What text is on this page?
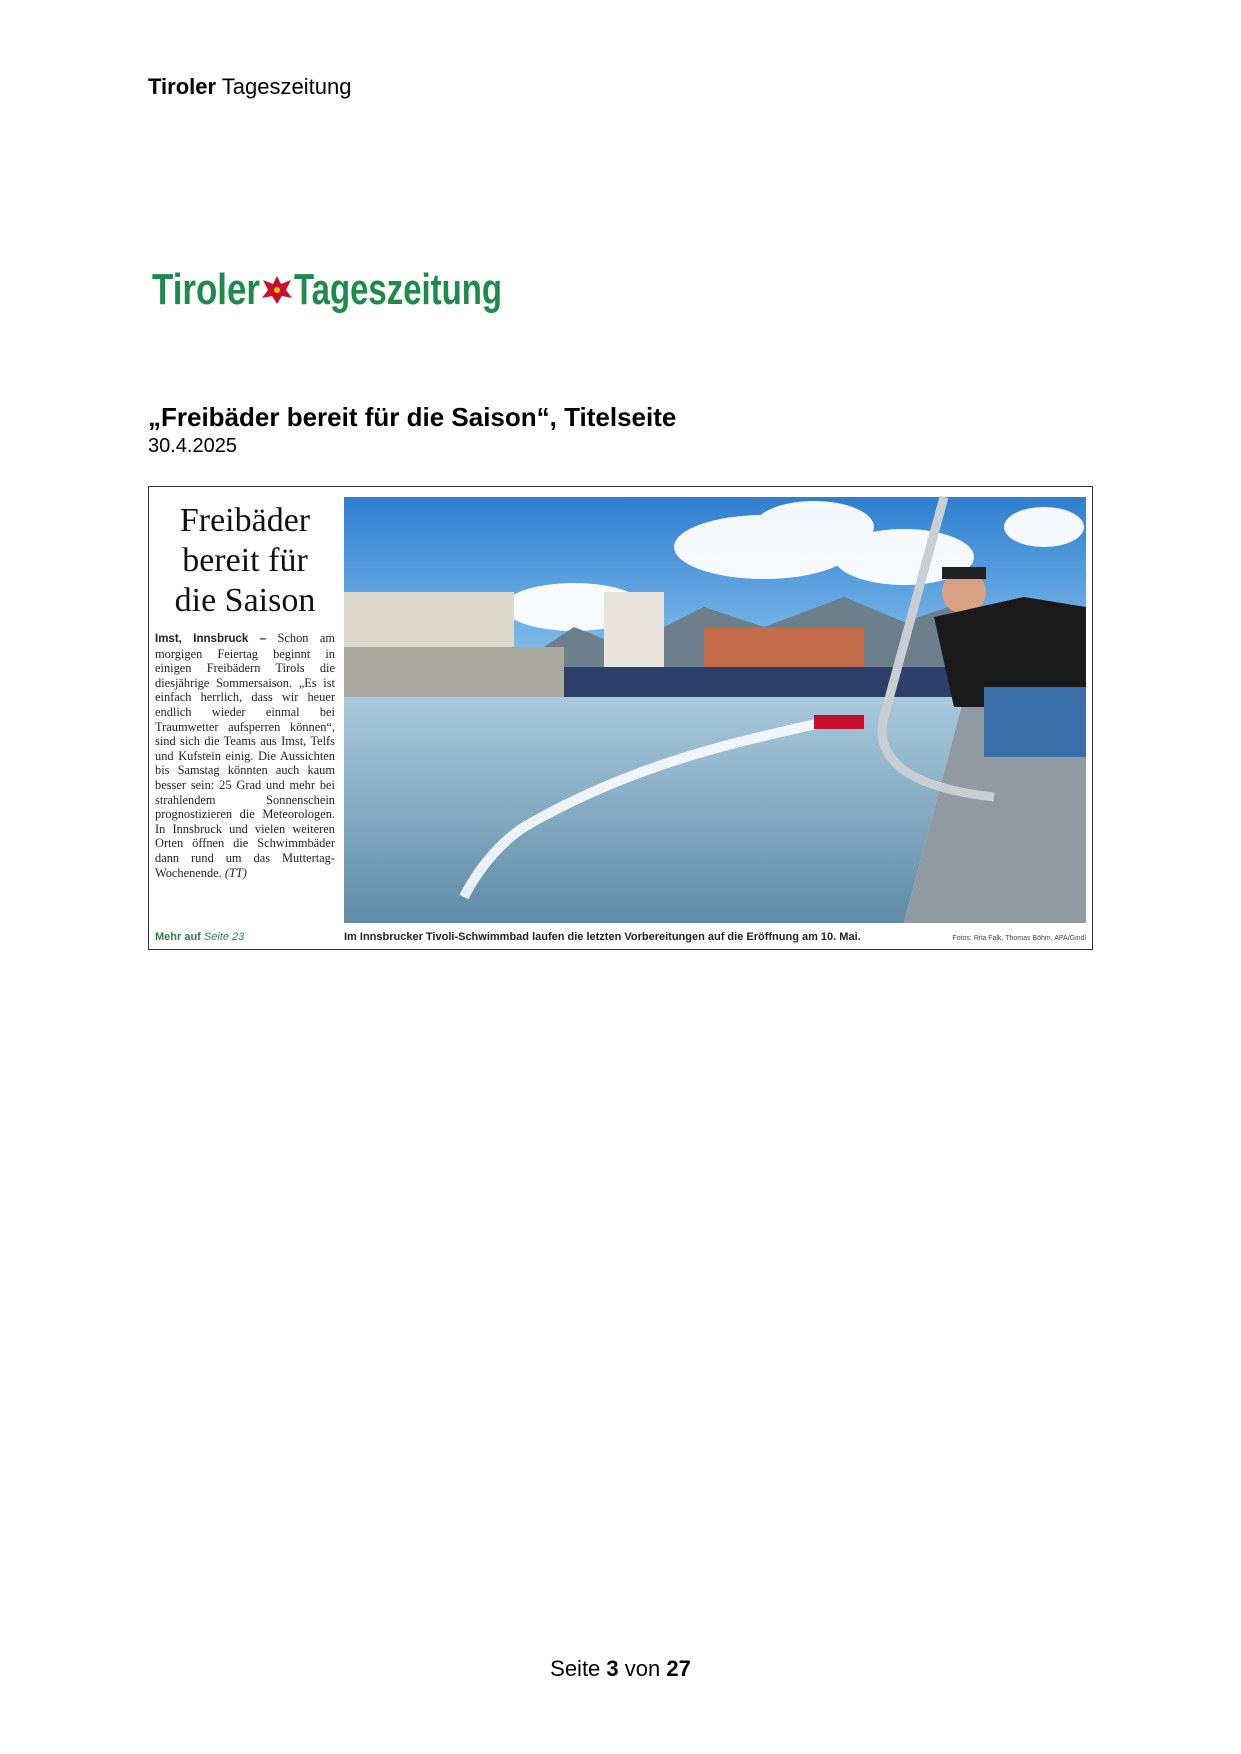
Tiroler Tageszeitung
Tiroler Tageszeitung
„Freibäder bereit für die Saison“, Titelseite
30.4.2025
Freibäder
bereit für
die Saison
Imst, Innsbruck – Schon am morgigen Feiertag beginnt in einigen Freibädern Tirols die diesjährige Sommersaison. „Es ist einfach herrlich, dass wir heuer endlich wieder einmal bei Traumwetter aufsperren können“, sind sich die Teams aus Imst, Telfs und Kufstein einig. Die Aussichten bis Samstag könnten auch kaum besser sein: 25 Grad und mehr bei strahlendem Sonnenschein prognostizieren die Meteorologen. In Innsbruck und vielen weiteren Orten öffnen die Schwimmbäder dann rund um das Muttertag-Wochenende. (TT)
Mehr auf Seite 23	Im Innsbrucker Tivoli-Schwimmbad laufen die letzten Vorbereitungen auf die Eröffnung am 10. Mai.	Fotos: Rita Falk, Thomas Böhm, APA/Gindl
Seite 3 von 27
